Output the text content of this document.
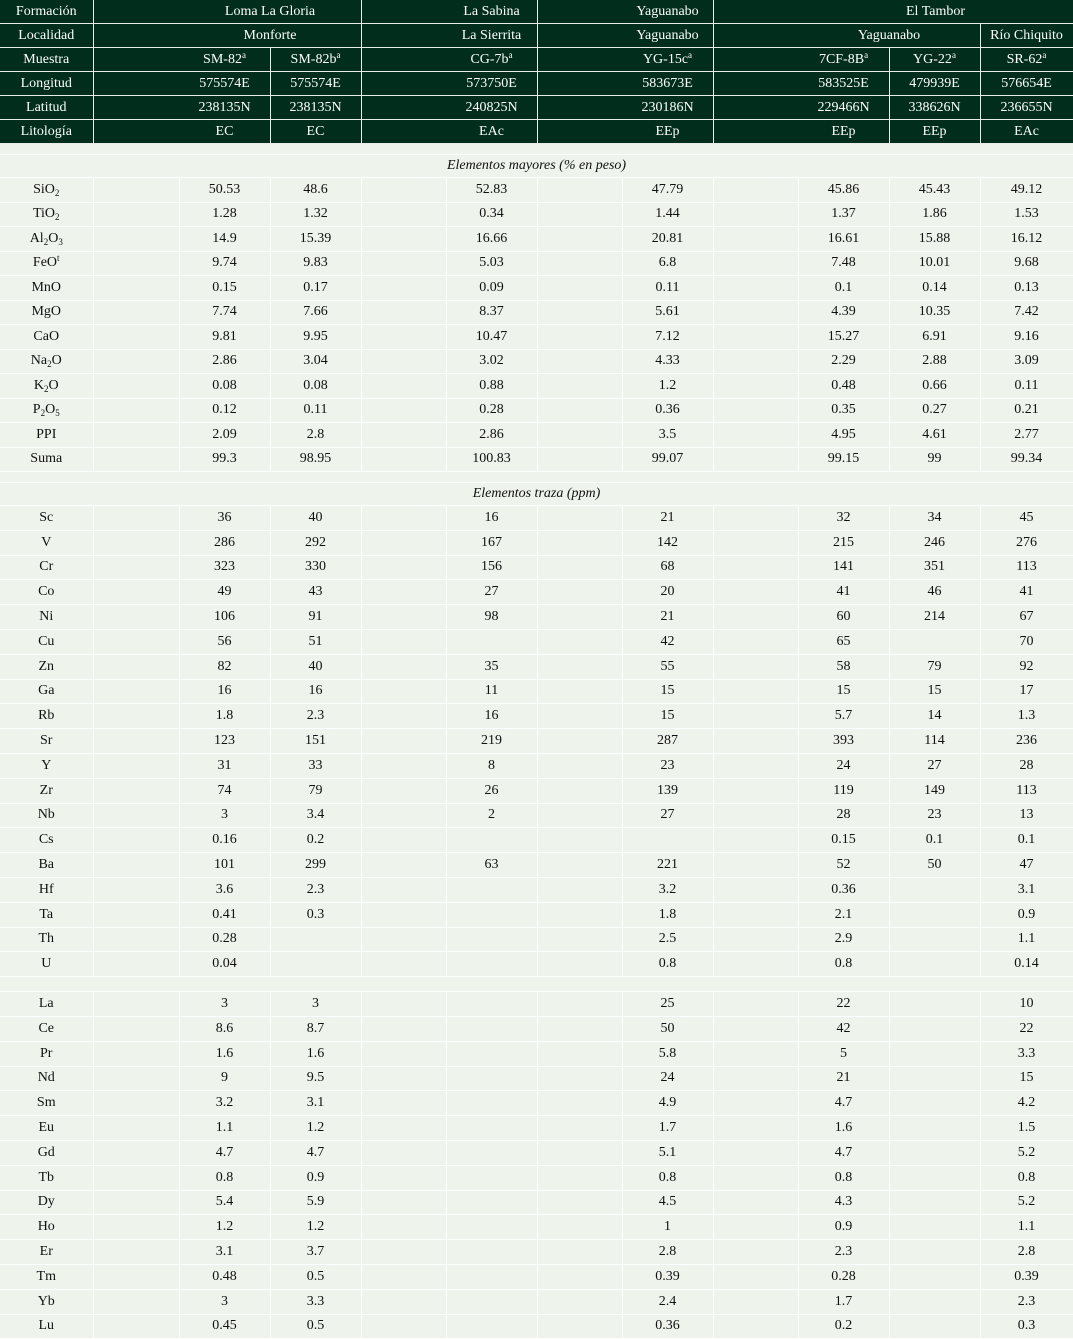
Formación		Loma La Gloria			La Sabina		Yaguanabo		El Tambor		
Localidad		Monforte			La Sierrita		Yaguanabo		Yaguanabo		Río Chiquito
Muestra		SM-82$^a$	$SM-82b^a$		$CG-7b^a$		$YG-15c^a$		$7CF-8B^a$	YG-22$^a$	SR-62$^a$
Longitud		575574E	575574E		573750E		583673E		583525E	479939E	576654E
Latitud		238135N	238135N		240825N		230186N		229466N	338626N	236655N
Litología		EC	EC		EAc		EEp		EEp	EEp	EAc

Elementos mayores (% en peso)											
SiO$_2$		50.53	48.6		52.83		47.79		45.86	45.43	49.12
TiO$_2$		1.28	1.32		0.34		1.44		1.37	1.86	1.53
$Al_2O_3$		14.9	15.39		16.66		20.81		16.61	15.88	16.12
FeO$^t$		9.74	9.83		5.03		6.8		7.48	10.01	9.68
MnO		0.15	0.17		0.09		0.11		0.1	0.14	0.13
MgO		7.74	7.66		8.37		5.61		4.39	10.35	7.42
CaO		9.81	9.95		10.47		7.12		15.27	6.91	9.16
$Na_2O$		2.86	3.04		3.02		4.33		2.29	2.88	3.09
$K_2O$		0.08	0.08		0.88		1.2		0.48	0.66	0.11
$P_2O_5$		0.12	0.11		0.28		0.36		0.35	0.27	0.21
PPI		2.09	2.8		2.86		3.5		4.95	4.61	2.77
Suma		99.3	98.95		100.83		99.07		99.15	99	99.34

Elementos traza (ppm)											
Sc		36	40		16		21		32	34	45
V		286	292		167		142		215	246	276
Cr		323	330		156		68		141	351	113
Co		49	43		27		20		41	46	41
Ni		106	91		98		21		60	214	67
Cu		56	51				42		65		70
Zn		82	40		35		55		58	79	92
Ga		16	16		11		15		15	15	17
Rb		1.8	2.3		16		15		5.7	14	1.3
Sr		123	151		219		287		393	114	236
Y		31	33		8		23		24	27	28
Zr		74	79		26		139		119	149	113
Nb		3	3.4		2		27		28	23	13
Cs		0.16	0.2						0.15	0.1	0.1
Ba		101	299		63		221		52	50	47
Hf		3.6	2.3				3.2		0.36		3.1
Ta		0.41	0.3				1.8		2.1		0.9
Th		0.28					2.5		2.9		1.1
U		0.04					0.8		0.8		0.14

La		3	3				25		22		10
Ce		8.6	8.7				50		42		22
Pr		1.6	1.6				5.8		5		3.3
Nd		9	9.5				24		21		15
Sm		3.2	3.1				4.9		4.7		4.2
Eu		1.1	1.2				1.7		1.6		1.5
Gd		4.7	4.7				5.1		4.7		5.2
Tb		0.8	0.9				0.8		0.8		0.8
Dy		5.4	5.9				4.5		4.3		5.2
Ho		1.2	1.2				1		0.9		1.1
Er		3.1	3.7				2.8		2.3		2.8
Tm		0.48	0.5				0.39		0.28		0.39
Yb		3	3.3				2.4		1.7		2.3
Lu		0.45	0.5				0.36		0.2		0.3
